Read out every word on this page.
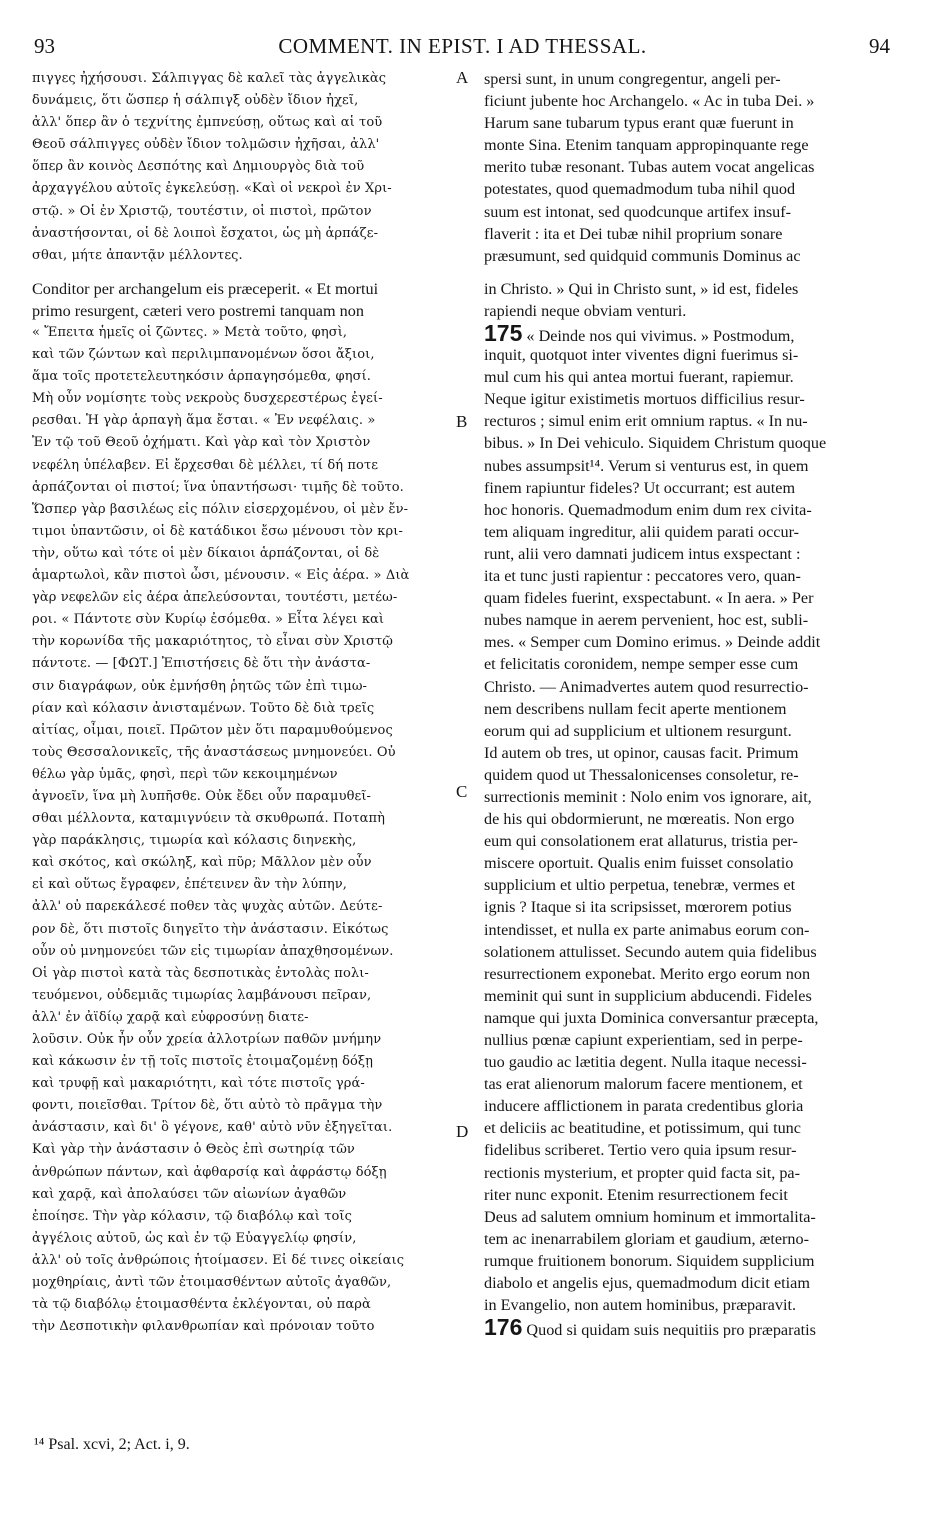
93	COMMENT. IN EPIST. I AD THESSAL.	94
A
B
C
D
πιγγες ἠχήσουσι. Σάλπιγγας δὲ καλεῖ τὰς ἀγγελικὰς
δυνάμεις, ὅτι ὥσπερ ἡ σάλπιγξ οὐδὲν ἴδιον ἠχεῖ,
ἀλλ' ὅπερ ἂν ὁ τεχνίτης ἐμπνεύσῃ, οὕτως καὶ αἱ τοῦ
Θεοῦ σάλπιγγες οὐδὲν ἴδιον τολμῶσιν ἠχῆσαι, ἀλλ'
ὅπερ ἂν κοινὸς Δεσπότης καὶ Δημιουργὸς διὰ τοῦ
ἀρχαγγέλου αὐτοῖς ἐγκελεύσῃ. «Καὶ οἱ νεκροὶ ἐν Χρι-
στῷ. » Οἱ ἐν Χριστῷ, τουτέστιν, οἱ πιστοὶ, πρῶτον
ἀναστήσονται, οἱ δὲ λοιποὶ ἔσχατοι, ὡς μὴ ἁρπάζε-
σθαι, μήτε ἀπαντᾷν μέλλοντες.
spersi sunt, in unum congregentur, angeli per-
ficiunt jubente hoc Archangelo. « Ac in tuba Dei. »
Harum sane tubarum typus erant quæ fuerunt in
monte Sina. Etenim tanquam appropinquante rege
merito tubæ resonant. Tubas autem vocat angelicas
potestates, quod quemadmodum tuba nihil quod
suum est intonat, sed quodcunque artifex insuf-
flaverit : ita et Dei tubæ nihil proprium sonare
præsumunt, sed quidquid communis Dominus ac
Conditor per archangelum eis præceperit. « Et mortui	in Christo. » Qui in Christo sunt, » id est, fideles
primo resurgent, cæteri vero postremi tanquam non	rapiendi neque obviam venturi.
« Ἔπειτα ἡμεῖς οἱ ζῶντες. » Μετὰ τοῦτο, φησὶ,
καὶ τῶν ζώντων καὶ περιλιμπανομένων ὅσοι ἄξιοι,
ἅμα τοῖς προτετελευτηκόσιν ἁρπαγησόμεθα, φησί.
Μὴ οὖν νομίσητε τοὺς νεκροὺς δυσχερεστέρως ἐγεί-
ρεσθαι. Ἡ γὰρ ἁρπαγὴ ἅμα ἔσται. « Ἐν νεφέλαις. »
Ἐν τῷ τοῦ Θεοῦ ὀχήματι. Καὶ γὰρ καὶ τὸν Χριστὸν
νεφέλη ὑπέλαβεν. Εἰ ἔρχεσθαι δὲ μέλλει, τί δή ποτε
ἁρπάζονται οἱ πιστοί; ἵνα ὑπαντήσωσι· τιμῆς δὲ τοῦτο.
Ὥσπερ γὰρ βασιλέως εἰς πόλιν εἰσερχομένου, οἱ μὲν ἔν-
τιμοι ὑπαντῶσιν, οἱ δὲ κατάδικοι ἔσω μένουσι τὸν κρι-
τὴν, οὕτω καὶ τότε οἱ μὲν δίκαιοι ἁρπάζονται, οἱ δὲ
ἁμαρτωλοὶ, κἂν πιστοὶ ὦσι, μένουσιν. « Εἰς ἀέρα. » Διὰ
γὰρ νεφελῶν εἰς ἀέρα ἀπελεύσονται, τουτέστι, μετέω-
ροι. « Πάντοτε σὺν Κυρίῳ ἐσόμεθα. » Εἶτα λέγει καὶ
τὴν κορωνίδα τῆς μακαριότητος, τὸ εἶναι σὺν Χριστῷ
πάντοτε. — [ΦΩΤ.] Ἐπιστήσεις δὲ ὅτι τὴν ἀνάστα-
σιν διαγράφων, οὐκ ἐμνήσθη ῥητῶς τῶν ἐπὶ τιμω-
ρίαν καὶ κόλασιν ἀνισταμένων. Τοῦτο δὲ διὰ τρεῖς
αἰτίας, οἶμαι, ποιεῖ. Πρῶτον μὲν ὅτι παραμυθούμενος
τοὺς Θεσσαλονικεῖς, τῆς ἀναστάσεως μνημονεύει. Οὐ
θέλω γὰρ ὑμᾶς, φησὶ, περὶ τῶν κεκοιμημένων
ἀγνοεῖν, ἵνα μὴ λυπῆσθε. Οὐκ ἔδει οὖν παραμυθεῖ-
σθαι μέλλοντα, καταμιγνύειν τὰ σκυθρωπά. Ποταπὴ
γὰρ παράκλησις, τιμωρία καὶ κόλασις διηνεκὴς,
καὶ σκότος, καὶ σκώληξ, καὶ πῦρ; Μᾶλλον μὲν οὖν
εἰ καὶ οὕτως ἔγραφεν, ἐπέτεινεν ἂν τὴν λύπην,
ἀλλ' οὐ παρεκάλεσέ ποθεν τὰς ψυχὰς αὐτῶν. Δεύτε-
ρον δὲ, ὅτι πιστοῖς διηγεῖτο τὴν ἀνάστασιν. Εἰκότως
οὖν οὐ μνημονεύει τῶν εἰς τιμωρίαν ἀπαχθησομένων.
Οἱ γὰρ πιστοὶ κατὰ τὰς δεσποτικὰς ἐντολὰς πολι-
τευόμενοι, οὐδεμιᾶς τιμωρίας λαμβάνουσι πεῖραν,
ἀλλ' ἐν ἀϊδίῳ χαρᾷ καὶ εὐφροσύνῃ διατε-
λοῦσιν. Οὐκ ἦν οὖν χρεία ἀλλοτρίων παθῶν μνήμην
καὶ κάκωσιν ἐν τῇ τοῖς πιστοῖς ἑτοιμαζομένῃ δόξῃ
καὶ τρυφῇ καὶ μακαριότητι, καὶ τότε πιστοῖς γρά-
φοντι, ποιεῖσθαι. Τρίτον δὲ, ὅτι αὐτὸ τὸ πρᾶγμα τὴν
ἀνάστασιν, καὶ δι' ὃ γέγονε, καθ' αὐτὸ νῦν ἐξηγεῖται.
Καὶ γὰρ τὴν ἀνάστασιν ὁ Θεὸς ἐπὶ σωτηρίᾳ τῶν
ἀνθρώπων πάντων, καὶ ἀφθαρσίᾳ καὶ ἀφράστῳ δόξῃ
καὶ χαρᾷ, καὶ ἀπολαύσει τῶν αἰωνίων ἀγαθῶν
ἐποίησε. Τὴν γὰρ κόλασιν, τῷ διαβόλῳ καὶ τοῖς
ἀγγέλοις αὐτοῦ, ὡς καὶ ἐν τῷ Εὐαγγελίῳ φησίν,
ἀλλ' οὐ τοῖς ἀνθρώποις ἡτοίμασεν. Εἰ δέ τινες οἰκείαις
μοχθηρίαις, ἀντὶ τῶν ἐτοιμασθέντων αὐτοῖς ἀγαθῶν,
τὰ τῷ διαβόλῳ ἑτοιμασθέντα ἐκλέγονται, οὐ παρὰ
τὴν Δεσποτικὴν φιλανθρωπίαν καὶ πρόνοιαν τοῦτο
175 « Deinde nos qui vivimus. » Postmodum,
inquit, quotquot inter viventes digni fuerimus si-
mul cum his qui antea mortui fuerant, rapiemur.
Neque igitur existimetis mortuos difficilius resur-
recturos ; simul enim erit omnium raptus. « In nu-
bibus. » In Dei vehiculo. Siquidem Christum quoque
nubes assumpsit¹⁴. Verum si venturus est, in quem
finem rapiuntur fideles? Ut occurrant; est autem
hoc honoris. Quemadmodum enim dum rex civita-
tem aliquam ingreditur, alii quidem parati occur-
runt, alii vero damnati judicem intus exspectant :
ita et tunc justi rapientur : peccatores vero, quan-
quam fideles fuerint, exspectabunt. « In aera. » Per
nubes namque in aerem pervenient, hoc est, subli-
mes. « Semper cum Domino erimus. » Deinde addit
et felicitatis coronidem, nempe semper esse cum
Christo. — Animadvertes autem quod resurrectio-
nem describens nullam fecit aperte mentionem
eorum qui ad supplicium et ultionem resurgunt.
Id autem ob tres, ut opinor, causas facit. Primum
quidem quod ut Thessalonicenses consoletur, re-
surrectionis meminit : Nolo enim vos ignorare, ait,
de his qui obdormierunt, ne mœreatis. Non ergo
eum qui consolationem erat allaturus, tristia per-
miscere oportuit. Qualis enim fuisset consolatio
supplicium et ultio perpetua, tenebræ, vermes et
ignis ? Itaque si ita scripsisset, mœrorem potius
intendisset, et nulla ex parte animabus eorum con-
solationem attulisset. Secundo autem quia fidelibus
resurrectionem exponebat. Merito ergo eorum non
meminit qui sunt in supplicium abducendi. Fideles
namque qui juxta Dominica conversantur præcepta,
nullius pœnæ capiunt experientiam, sed in perpe-
tuo gaudio ac lætitia degent. Nulla itaque necessi-
tas erat alienorum malorum facere mentionem, et
inducere afflictionem in parata credentibus gloria
et deliciis ac beatitudine, et potissimum, qui tunc
fidelibus scriberet. Tertio vero quia ipsum resur-
rectionis mysterium, et propter quid facta sit, pa-
riter nunc exponit. Etenim resurrectionem fecit
Deus ad salutem omnium hominum et immortalita-
tem ac inenarrabilem gloriam et gaudium, æterno-
rumque fruitionem bonorum. Siquidem supplicium
diabolo et angelis ejus, quemadmodum dicit etiam
in Evangelio, non autem hominibus, præparavit.
176 Quod si quidam suis nequitiis pro præparatis
¹⁴ Psal. xcvi, 2; Act. i, 9.
